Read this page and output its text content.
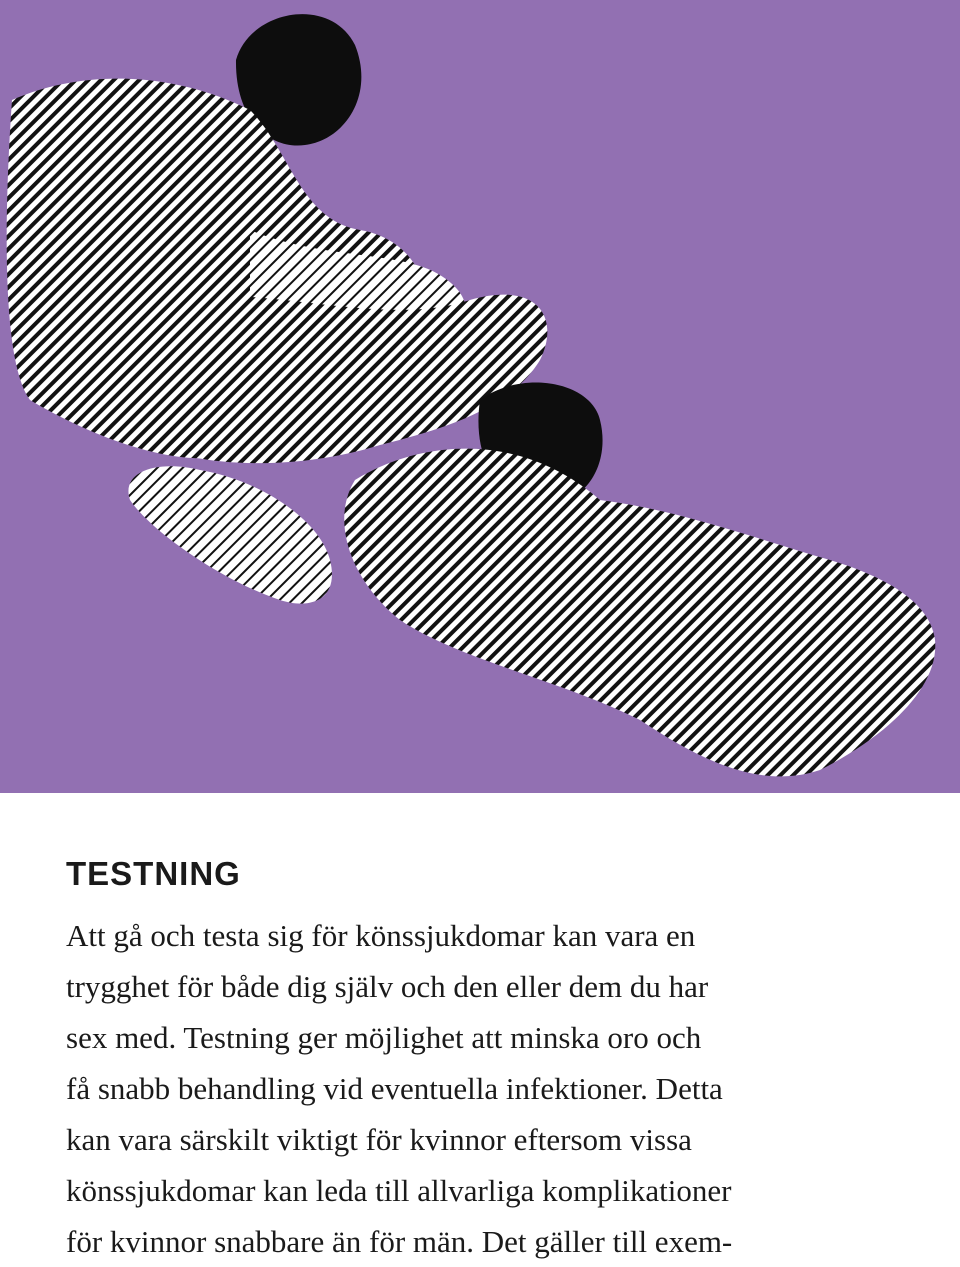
TESTNING
Att gå och testa sig för könssjukdomar kan vara en
trygghet för både dig själv och den eller dem du har
sex med. Testning ger möjlighet att minska oro och
få snabb behandling vid eventuella infektioner. Detta
kan vara särskilt viktigt för kvinnor eftersom vissa
könssjukdomar kan leda till allvarliga komplikationer
för kvinnor snabbare än för män. Det gäller till exem-
